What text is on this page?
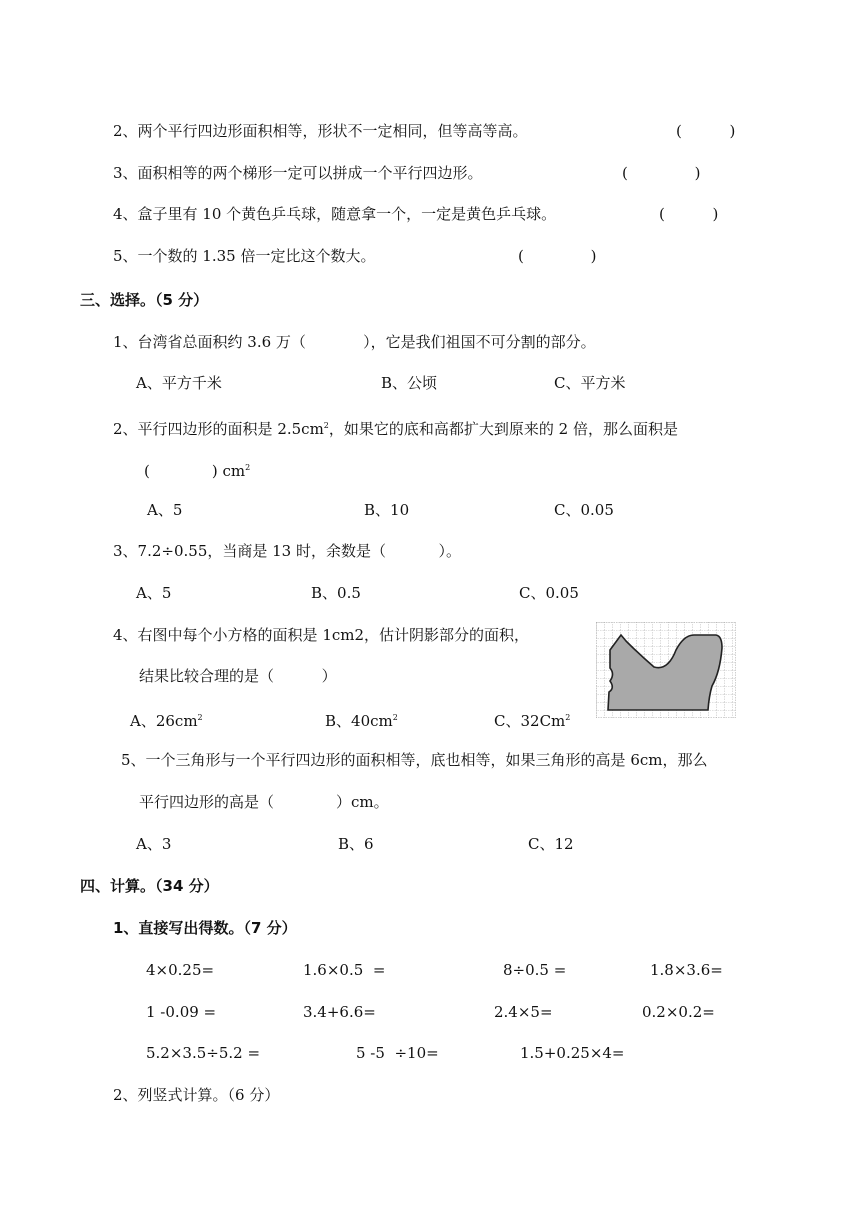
2、两个平行四边形面积相等，形状不一定相同，但等高等高。	(          )
3、面积相等的两个梯形一定可以拼成一个平行四边形。	(              )
4、盒子里有 10 个黄色乒乓球，随意拿一个，一定是黄色乒乓球。	(          )
5、一个数的 1.35 倍一定比这个数大。	(              )
三、选择。（5 分）
1、台湾省总面积约 3.6 万（            ），它是我们祖国不可分割的部分。
A、平方千米	B、公顷	C、平方米
2、平行四边形的面积是 $2.5cm^2$，如果它的底和高都扩大到原来的 2 倍，那么面积是
(             ) $cm^2$
A、5	B、10	C、0.05
3、7.2÷0.55，当商是 13 时，余数是（           ）。
A、5	B、0.5	C、0.05
4、右图中每个小方格的面积是 1cm2，估计阴影部分的面积，
结果比较合理的是（          ）
A、$26cm^2$	B、$40cm^2$	C、32Cm$^2$
5、一个三角形与一个平行四边形的面积相等，底也相等，如果三角形的高是 6cm，那么
平行四边形的高是（             ）cm。
A、3	B、6	C、12
四、计算。（34 分）
1、直接写出得数。（7 分）
4×0.25=	1.6×0.5  =	8÷0.5 =	1.8×3.6=
1 -0.09 =	3.4+6.6=	2.4×5=	0.2×0.2=
5.2×3.5÷5.2 =	5 -5  ÷10=	1.5+0.25×4=
2、列竖式计算。（6 分）
